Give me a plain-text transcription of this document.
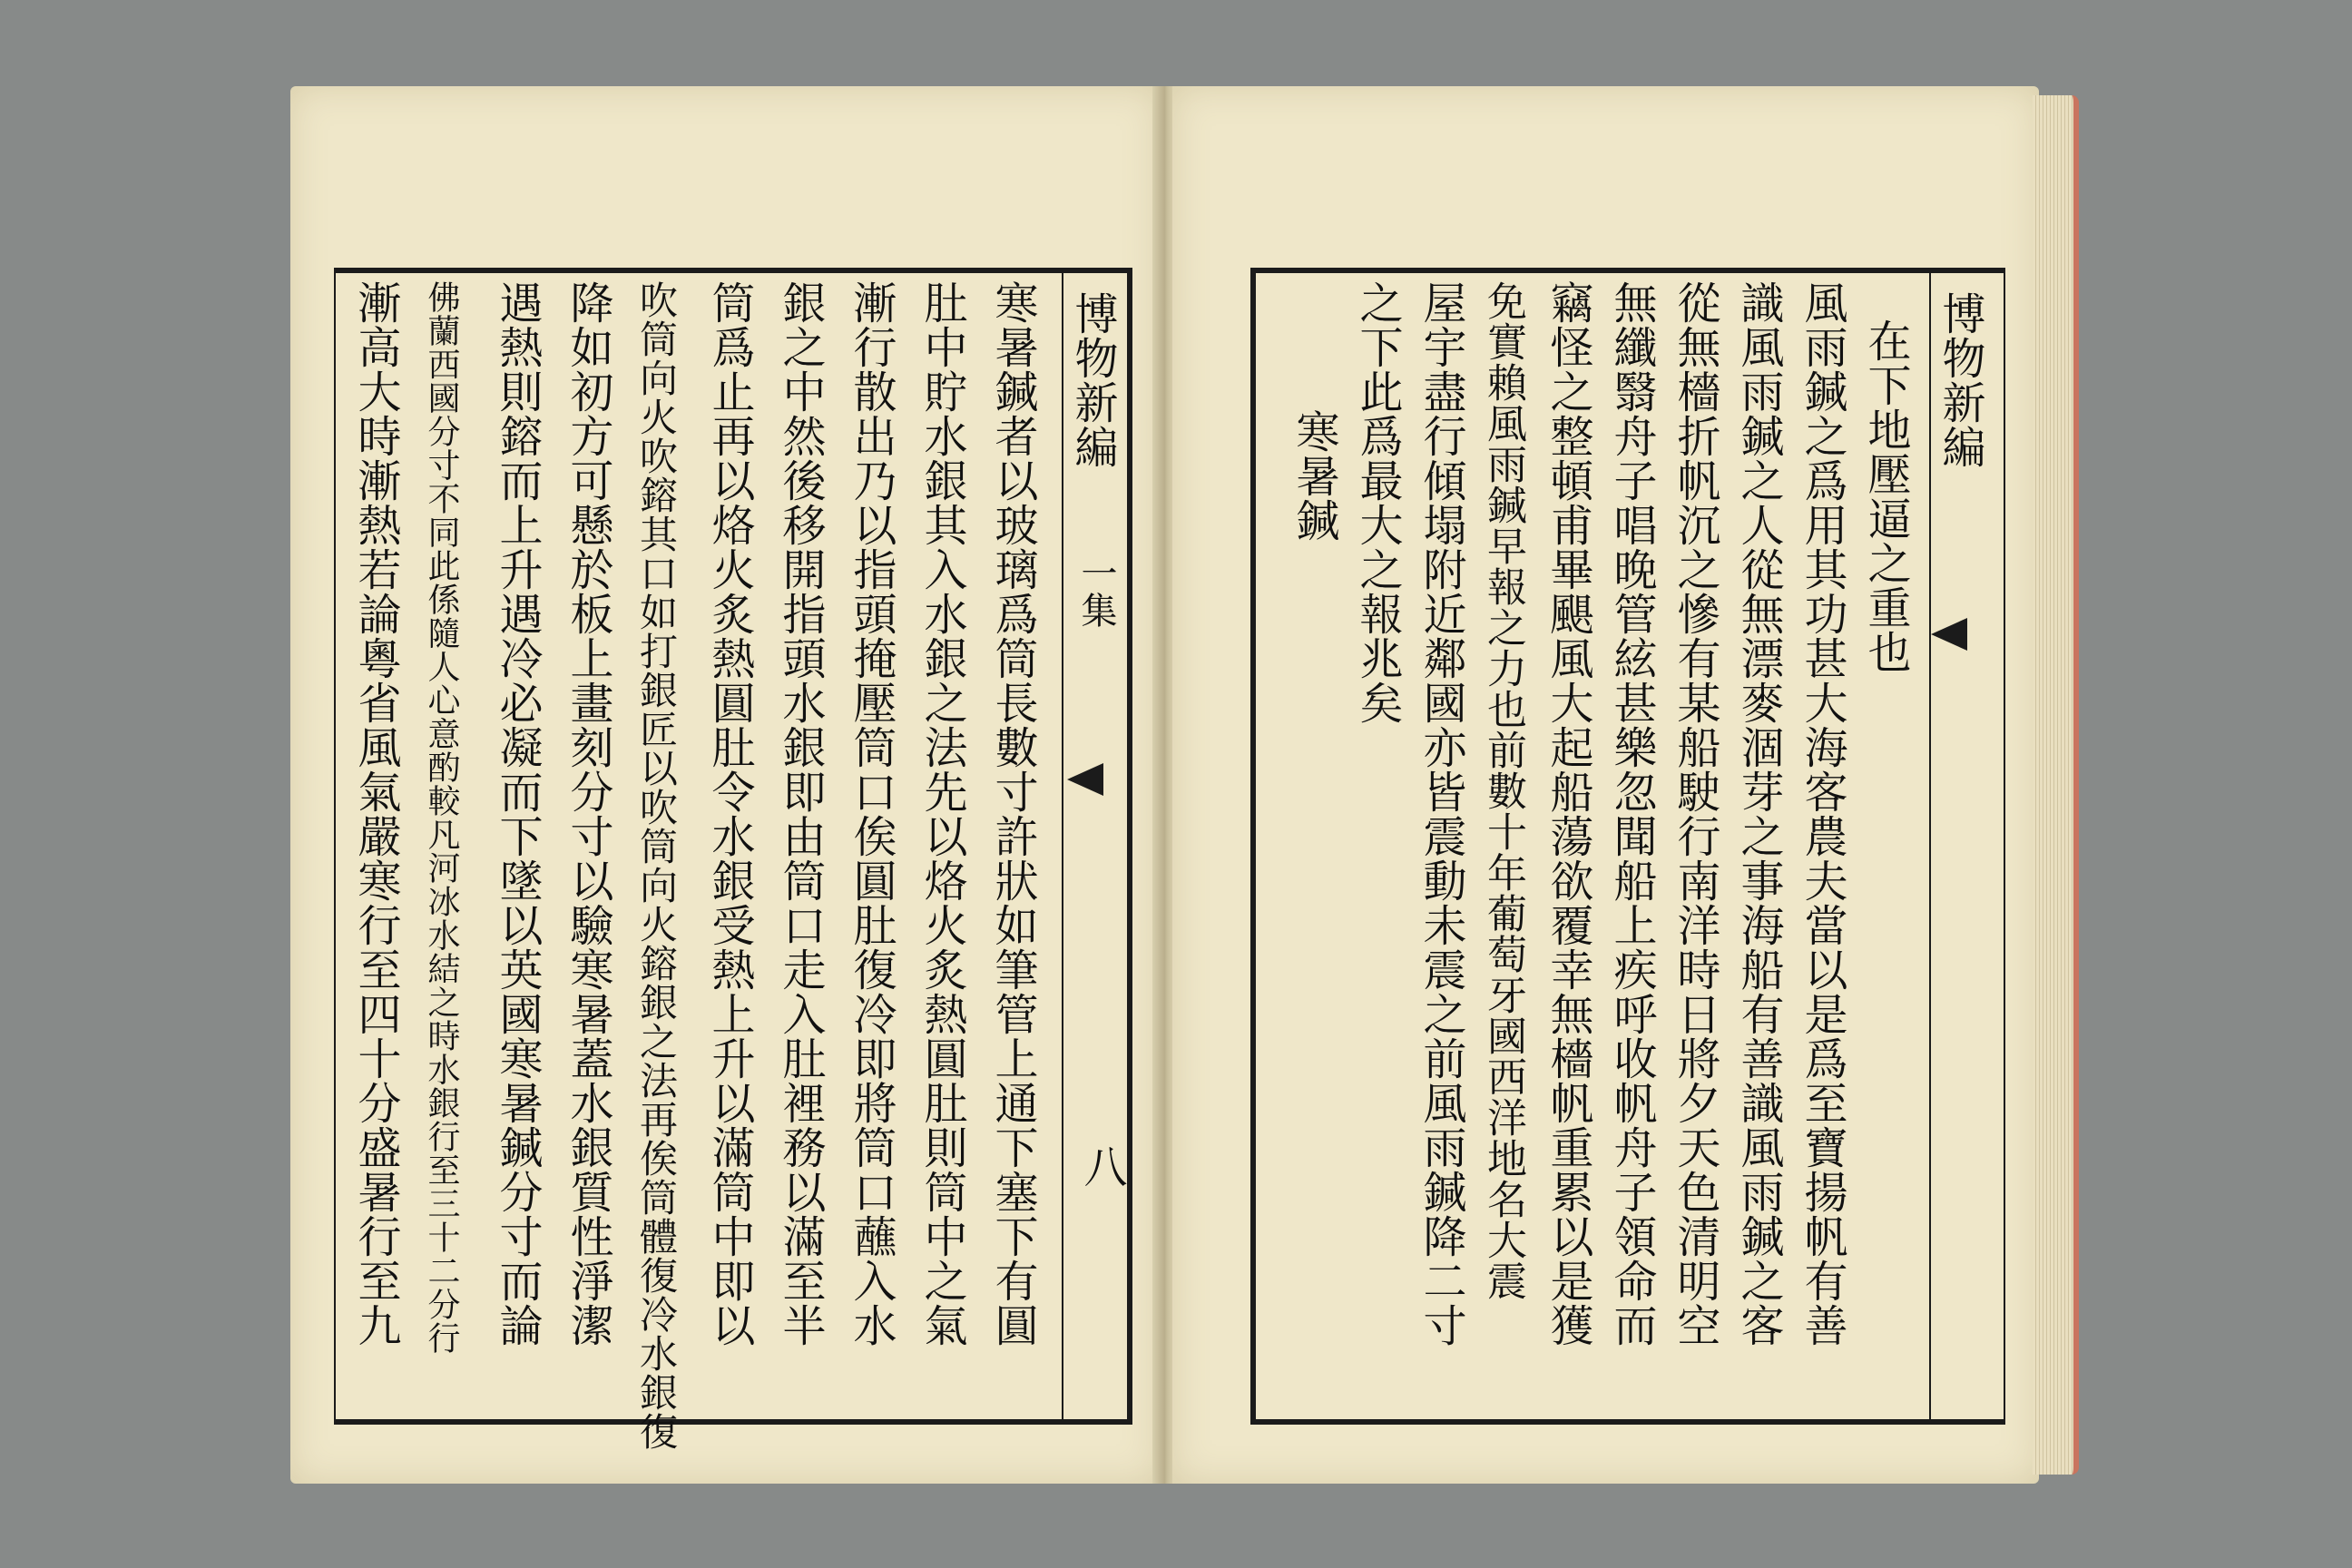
博物新編
一集
八
寒暑鍼者以玻璃爲筒長數寸許狀如筆管上通下塞下有圓
肚中貯水銀其入水銀之法先以烙火炙熱圓肚則筒中之氣
漸行散出乃以指頭掩壓筒口俟圓肚復冷即將筒口蘸入水
銀之中然後移開指頭水銀即由筒口走入肚裡務以滿至半
筒爲止再以烙火炙熱圓肚令水銀受熱上升以滿筒中即以
吹筒向火吹鎔其口如打銀匠以吹筒向火鎔銀之法再俟筒體復冷水銀復
降如初方可懸於板上畫刻分寸以驗寒暑蓋水銀質性淨潔
遇熱則鎔而上升遇冷必凝而下墜以英國寒暑鍼分寸而論
佛蘭西國分寸不同此係隨人心意酌較凡河冰水結之時水銀行至三十二分行
漸高大時漸熱若論粵省風氣嚴寒行至四十分盛暑行至九	博物新編
在下地壓逼之重也
風雨鍼之爲用其功甚大海客農夫當以是爲至寶揚帆有善
識風雨鍼之人從無漂麥涸芽之事海船有善識風雨鍼之客
從無檣折帆沉之慘有某船駛行南洋時日將夕天色清明空
無纖翳舟子唱晚管絃甚樂忽聞船上疾呼收帆舟子領命而
竊怪之整頓甫畢颶風大起船蕩欲覆幸無檣帆重累以是獲
免實賴風雨鍼早報之力也前數十年葡萄牙國西洋地名大震
屋宇盡行傾塌附近鄰國亦皆震動未震之前風雨鍼降二寸
之下此爲最大之報兆矣
寒暑鍼
